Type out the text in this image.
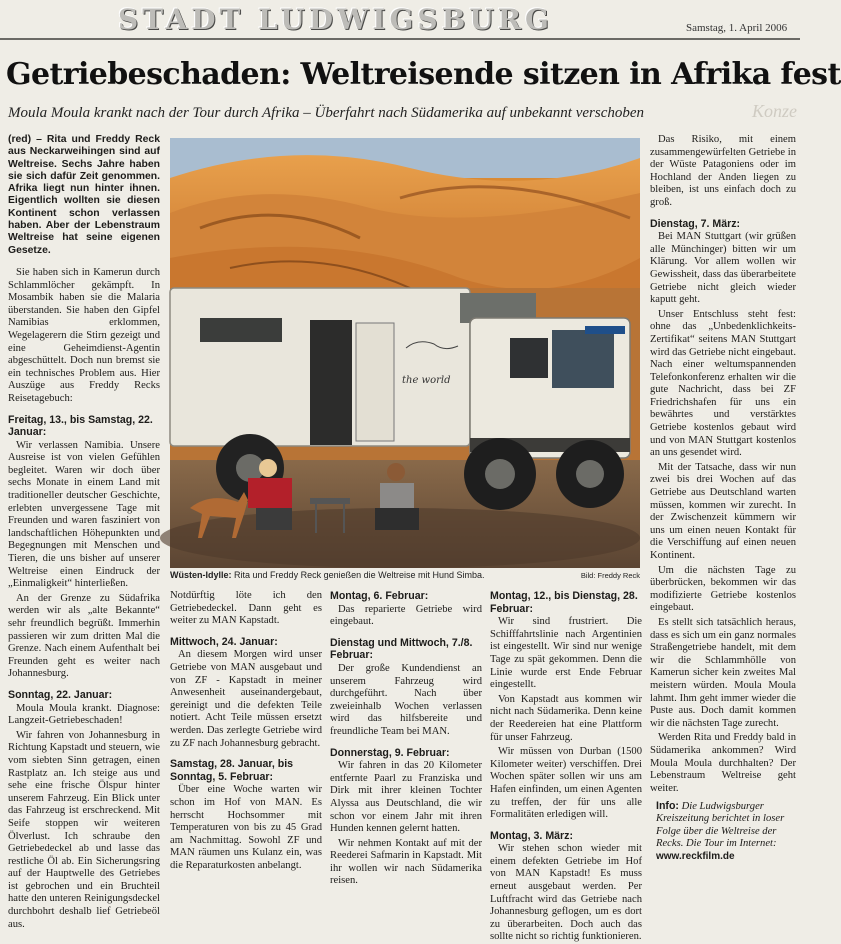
STADT LUDWIGSBURG	Samstag, 1. April 2006
Getriebeschaden: Weltreisende sitzen in Afrika fest
Moula Moula krankt nach der Tour durch Afrika – Überfahrt nach Südamerika auf unbekannt verschoben	Konze

(red) – Rita und Freddy Reck aus Neckarweihingen sind auf Weltreise. Sechs Jahre haben sie sich dafür Zeit genommen. Afrika liegt nun hinter ihnen. Eigentlich wollten sie diesen Kontinent schon verlassen haben. Aber der Lebenstraum Weltreise hat seine eigenen Gesetze.

Sie haben sich in Kamerun durch Schlammlöcher gekämpft. In Mosambik haben sie die Malaria überstanden. Sie haben den Gipfel Namibias erklommen, Wegelagerern die Stirn gezeigt und eine Geheimdienst-Agentin abgeschüttelt. Doch nun bremst sie ein technisches Problem aus. Hier Auszüge aus Freddy Recks Reisetagebuch:

Freitag, 13., bis Samstag, 22. Januar:

Wir verlassen Namibia. Unsere Ausreise ist von vielen Gefühlen begleitet. Waren wir doch über sechs Monate in einem Land mit traditioneller deutscher Geschichte, erlebten unvergessene Tage mit Freunden und waren fasziniert von landschaftlichen Höhepunkten und Begegnungen mit Menschen und Tieren, die uns bisher auf unserer Weltreise einen Eindruck der „Einmaligkeit“ hinterließen.

An der Grenze zu Südafrika werden wir als „alte Bekannte“ sehr freundlich begrüßt. Immerhin passieren wir zum dritten Mal die Grenze. Nach einem Aufenthalt bei Freunden geht es weiter nach Johannesburg.

Sonntag, 22. Januar:

Moula Moula krankt. Diagnose: Langzeit-Getriebeschaden!

Wir fahren von Johannesburg in Richtung Kapstadt und steuern, wie vom siebten Sinn getragen, einen Rastplatz an. Ich steige aus und sehe eine frische Ölspur hinter unserem Fahrzeug. Ein Blick unter das Fahrzeug ist erschreckend. Mit Seife stoppen wir weiteren Ölverlust. Ich schraube den Getriebedeckel ab und lasse das restliche Öl ab. Ein Sicherungsring auf der Hauptwelle des Getriebes ist gebrochen und ein Bruchteil hatte den unteren Reinigungsdeckel durchbohrt deshalb lief Getriebeöl aus.

the world
Wüsten-Idylle: Rita und Freddy Reck genießen die Weltreise mit Hund Simba.	Bild: Freddy Reck

Notdürftig löte ich den Getriebedeckel. Dann geht es weiter zu MAN Kapstadt.

Mittwoch, 24. Januar:

An diesem Morgen wird unser Getriebe von MAN ausgebaut und von ZF - Kapstadt in meiner Anwesenheit auseinandergebaut, gereinigt und die defekten Teile notiert. Acht Teile müssen ersetzt werden. Das zerlegte Getriebe wird zu ZF nach Johannesburg gebracht.

Samstag, 28. Januar, bis Sonntag, 5. Februar:

Über eine Woche warten wir schon im Hof von MAN. Es herrscht Hochsommer mit Temperaturen von bis zu 45 Grad am Nachmittag. Sowohl ZF und MAN räumen uns Kulanz ein, was die Reparaturkosten anbelangt.

Montag, 6. Februar:

Das reparierte Getriebe wird eingebaut.

Dienstag und Mittwoch, 7./8. Februar:

Der große Kundendienst an unserem Fahrzeug wird durchgeführt. Nach über zweieinhalb Wochen verlassen wird das hilfsbereite und freundliche Team bei MAN.

Donnerstag, 9. Februar:

Wir fahren in das 20 Kilometer entfernte Paarl zu Franziska und Dirk mit ihrer kleinen Tochter Alyssa aus Deutschland, die wir schon vor einem Jahr mit ihren Hunden kennen gelernt hatten.

Wir nehmen Kontakt auf mit der Reederei Safmarin in Kapstadt. Mit ihr wollen wir nach Südamerika reisen.

Montag, 12., bis Dienstag, 28. Februar:

Wir sind frustriert. Die Schifffahrtslinie nach Argentinien ist eingestellt. Wir sind nur wenige Tage zu spät gekommen. Denn die Linie wurde erst Ende Februar eingestellt.

Von Kapstadt aus kommen wir nicht nach Südamerika. Denn keine der Reedereien hat eine Plattform für unser Fahrzeug.

Wir müssen von Durban (1500 Kilometer weiter) verschiffen. Drei Wochen später sollen wir uns am Hafen einfinden, um einen Agenten zu treffen, der für uns alle Formalitäten erledigen will.

Montag, 3. März:

Wir stehen schon wieder mit einem defekten Getriebe im Hof von MAN Kapstadt! Es muss erneut ausgebaut werden. Per Luftfracht wird das Getriebe nach Johannesburg geflogen, um es dort zu überarbeiten. Doch auch das sollte nicht so richtig funktionieren.

Das Risiko, mit einem zusammengewürfelten Getriebe in der Wüste Patagoniens oder im Hochland der Anden liegen zu bleiben, ist uns einfach doch zu groß.

Dienstag, 7. März:

Bei MAN Stuttgart (wir grüßen alle Münchinger) bitten wir um Klärung. Vor allem wollen wir Gewissheit, dass das überarbeitete Getriebe nicht gleich wieder kaputt geht.

Unser Entschluss steht fest: ohne das „Unbedenklichkeits-Zertifikat“ seitens MAN Stuttgart wird das Getriebe nicht eingebaut. Nach einer weltumspannenden Telefonkonferenz erhalten wir die gute Nachricht, dass bei ZF Friedrichshafen für uns ein bewährtes und verstärktes Getriebe kostenlos gebaut wird und von MAN Stuttgart kostenlos an uns gesendet wird.

Mit der Tatsache, dass wir nun zwei bis drei Wochen auf das Getriebe aus Deutschland warten müssen, kommen wir zurecht. In der Zwischenzeit kümmern wir uns um einen neuen Kontakt für die Verschiffung auf einen neuen Kontinent.

Um die nächsten Tage zu überbrücken, bekommen wir das modifizierte Getriebe kostenlos eingebaut.

Es stellt sich tatsächlich heraus, dass es sich um ein ganz normales Straßengetriebe handelt, mit dem wir die Schlammhölle von Kamerun sicher kein zweites Mal meistern würden. Moula Moula lahmt. Ihm geht immer wieder die Puste aus. Doch damit kommen wir die nächsten Tage zurecht.

Werden Rita und Freddy bald in Südamerika ankommen? Wird Moula Moula durchhalten? Der Lebenstraum Weltreise geht weiter.

Info: Die Ludwigsburger Kreiszeitung berichtet in loser Folge über die Weltreise der Recks. Die Tour im Internet: www.reckfilm.de
